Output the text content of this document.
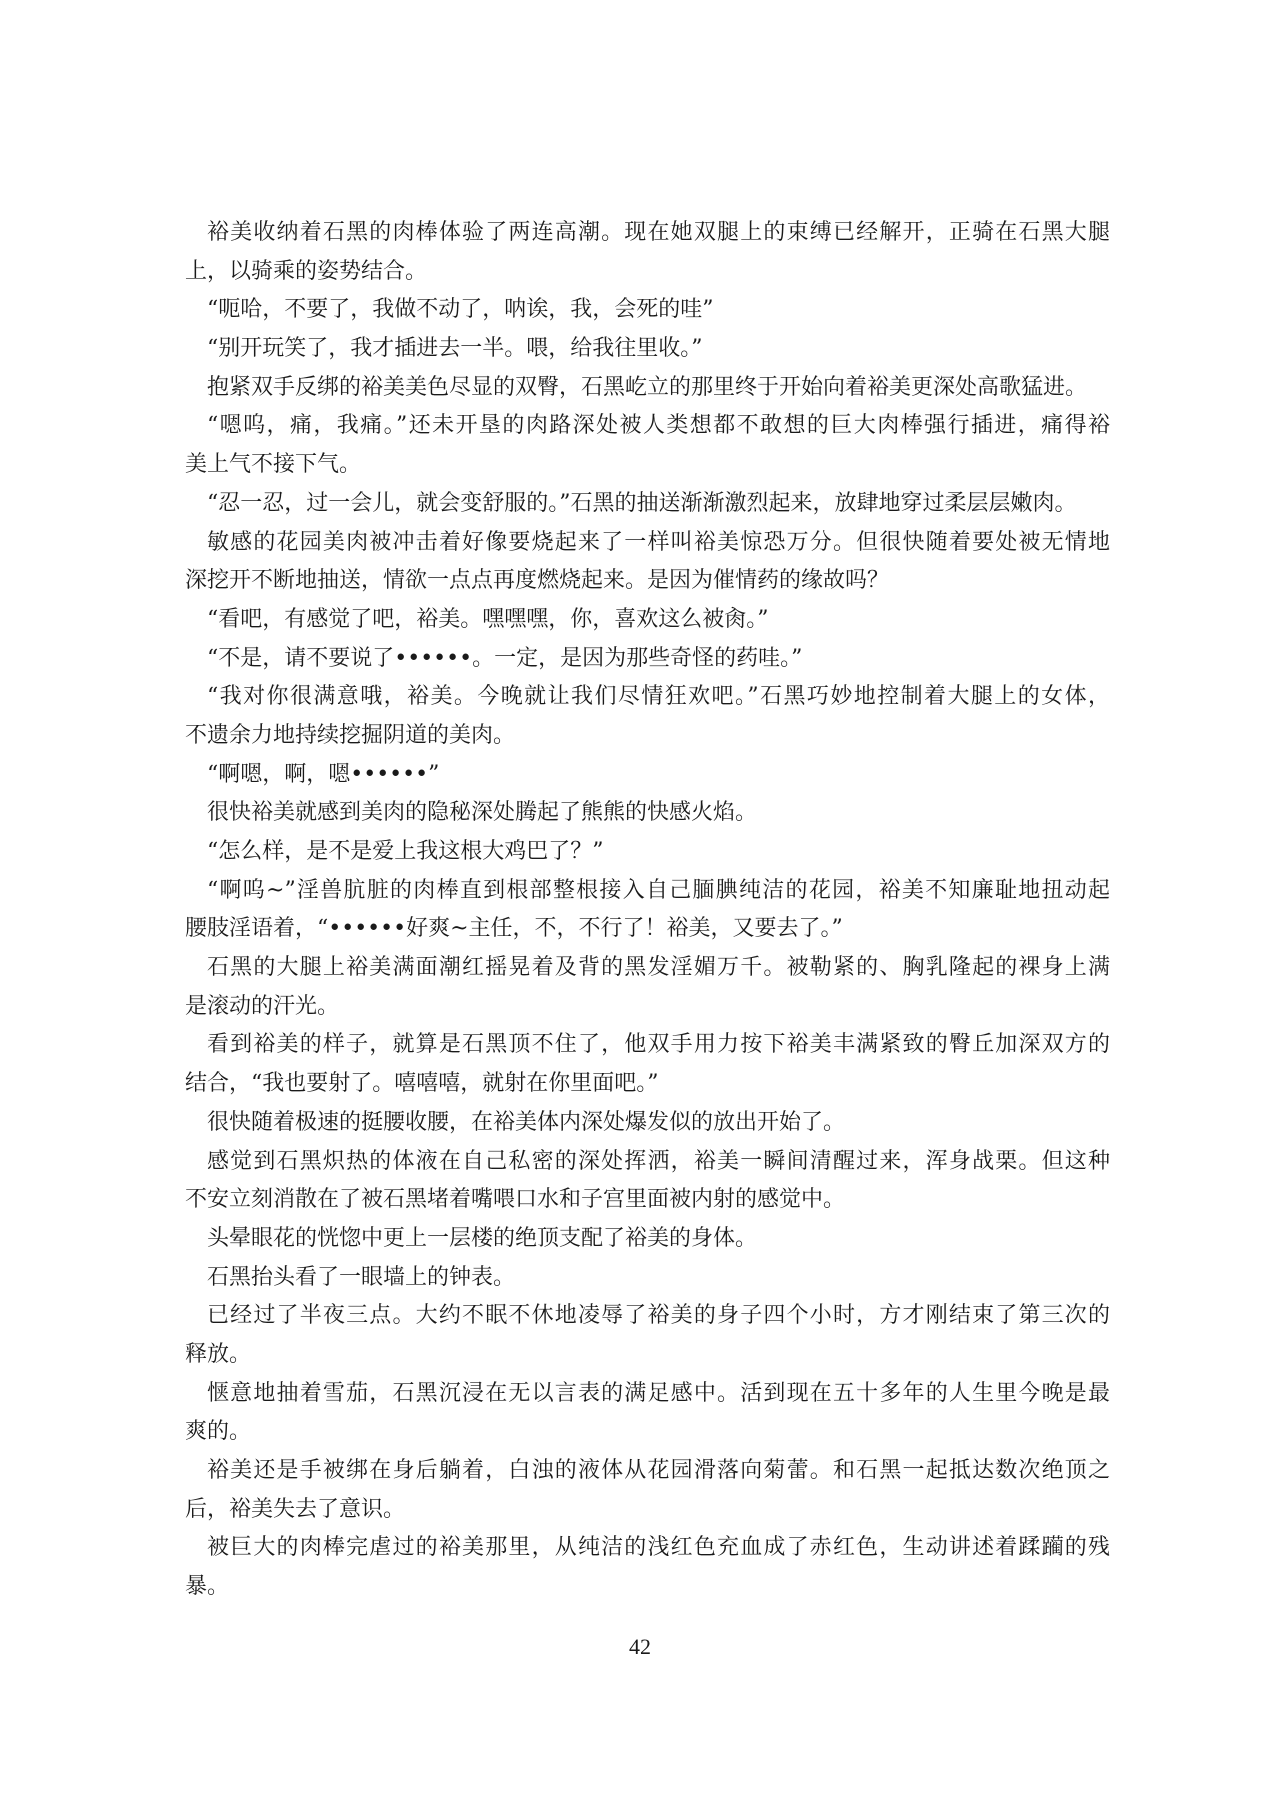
裕美收纳着石黑的肉棒体验了两连高潮。现在她双腿上的束缚已经解开，正骑在石黑大腿
上，以骑乘的姿势结合。
“呃哈，不要了，我做不动了，呐诶，我，会死的哇”
“别开玩笑了，我才插进去一半。喂，给我往里收。”
抱紧双手反绑的裕美美色尽显的双臀，石黑屹立的那里终于开始向着裕美更深处高歌猛进。
“嗯呜，痛，我痛。”还未开垦的肉路深处被人类想都不敢想的巨大肉棒强行插进，痛得裕
美上气不接下气。
“忍一忍，过一会儿，就会变舒服的。”石黑的抽送渐渐激烈起来，放肆地穿过柔层层嫩肉。
敏感的花园美肉被冲击着好像要烧起来了一样叫裕美惊恐万分。但很快随着要处被无情地
深挖开不断地抽送，情欲一点点再度燃烧起来。是因为催情药的缘故吗？
“看吧，有感觉了吧，裕美。嘿嘿嘿，你，喜欢这么被肏。”
“不是，请不要说了••••••。一定，是因为那些奇怪的药哇。”
“我对你很满意哦，裕美。今晚就让我们尽情狂欢吧。”石黑巧妙地控制着大腿上的女体，
不遗余力地持续挖掘阴道的美肉。
“啊嗯，啊，嗯••••••”
很快裕美就感到美肉的隐秘深处腾起了熊熊的快感火焰。
“怎么样，是不是爱上我这根大鸡巴了？”
“啊呜~”淫兽肮脏的肉棒直到根部整根接入自己腼腆纯洁的花园，裕美不知廉耻地扭动起
腰肢淫语着，“••••••好爽~主任，不，不行了！裕美，又要去了。”
石黑的大腿上裕美满面潮红摇晃着及背的黑发淫媚万千。被勒紧的、胸乳隆起的裸身上满
是滚动的汗光。
看到裕美的样子，就算是石黑顶不住了，他双手用力按下裕美丰满紧致的臀丘加深双方的
结合，“我也要射了。嘻嘻嘻，就射在你里面吧。”
很快随着极速的挺腰收腰，在裕美体内深处爆发似的放出开始了。
感觉到石黑炽热的体液在自己私密的深处挥洒，裕美一瞬间清醒过来，浑身战栗。但这种
不安立刻消散在了被石黑堵着嘴喂口水和子宫里面被内射的感觉中。
头晕眼花的恍惚中更上一层楼的绝顶支配了裕美的身体。
石黑抬头看了一眼墙上的钟表。
已经过了半夜三点。大约不眠不休地凌辱了裕美的身子四个小时，方才刚结束了第三次的
释放。
惬意地抽着雪茄，石黑沉浸在无以言表的满足感中。活到现在五十多年的人生里今晚是最
爽的。
裕美还是手被绑在身后躺着，白浊的液体从花园滑落向菊蕾。和石黑一起抵达数次绝顶之
后，裕美失去了意识。
被巨大的肉棒完虐过的裕美那里，从纯洁的浅红色充血成了赤红色，生动讲述着蹂躏的残
暴。
42
